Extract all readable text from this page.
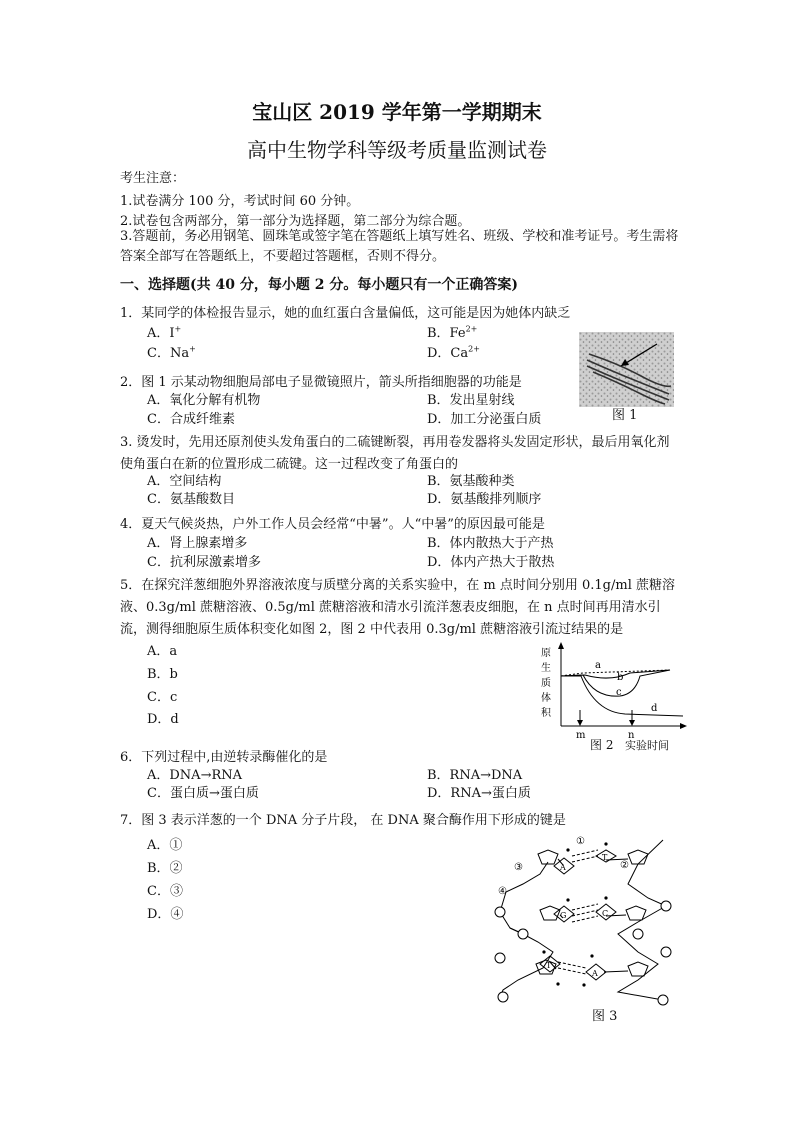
宝山区 2019 学年第一学期期末
高中生物学科等级考质量监测试卷
考生注意：
1.试卷满分 100 分，考试时间 60 分钟。
2.试卷包含两部分，第一部分为选择题，第二部分为综合题。
3.答题前，务必用钢笔、圆珠笔或签字笔在答题纸上填写姓名、班级、学校和准考证号。考生需将答案全部写在答题纸上，不要超过答题框，否则不得分。
一、选择题(共 40 分，每小题 2 分。每小题只有一个正确答案)
1．某同学的体检报告显示，她的血红蛋白含量偏低，这可能是因为她体内缺乏
A．I+	B．$Fe^{2+}$
C．Na+	D．$Ca^{2+}$
图 1
2．图 1 示某动物细胞局部电子显微镜照片，箭头所指细胞器的功能是
A．氧化分解有机物	B．发出星射线
C．合成纤维素	D．加工分泌蛋白质
3. 烫发时，先用还原剂使头发角蛋白的二硫键断裂，再用卷发器将头发固定形状，最后用氧化剂使角蛋白在新的位置形成二硫键。这一过程改变了角蛋白的
A．空间结构	B．氨基酸种类
C．氨基酸数目	D．氨基酸排列顺序
4．夏天气候炎热，户外工作人员会经常“中暑”。人“中暑”的原因最可能是
A．肾上腺素增多	B．体内散热大于产热
C．抗利尿激素增多	D．体内产热大于散热
5．在探究洋葱细胞外界溶液浓度与质壁分离的关系实验中，在 m 点时间分别用 0.1g/ml 蔗糖溶液、0.3g/ml 蔗糖溶液、0.5g/ml 蔗糖溶液和清水引流洋葱表皮细胞，在 n 点时间再用清水引流，测得细胞原生质体积变化如图 2，图 2 中代表用 0.3g/ml 蔗糖溶液引流过结果的是
A．a
B．b
C．c
D．d
原
生
质
体
积
a
b
c
d
m	n
图 2 实验时间
6．下列过程中,由逆转录酶催化的是
A．DNA→RNA	B．RNA→DNA
C．蛋白质→蛋白质	D．RNA→蛋白质
7．图 3 表示洋葱的一个 DNA 分子片段， 在 DNA 聚合酶作用下形成的键是
A．①
B．②
C．③
D．④
A
T
G	C
T
A
①
②
③
④
图 3
